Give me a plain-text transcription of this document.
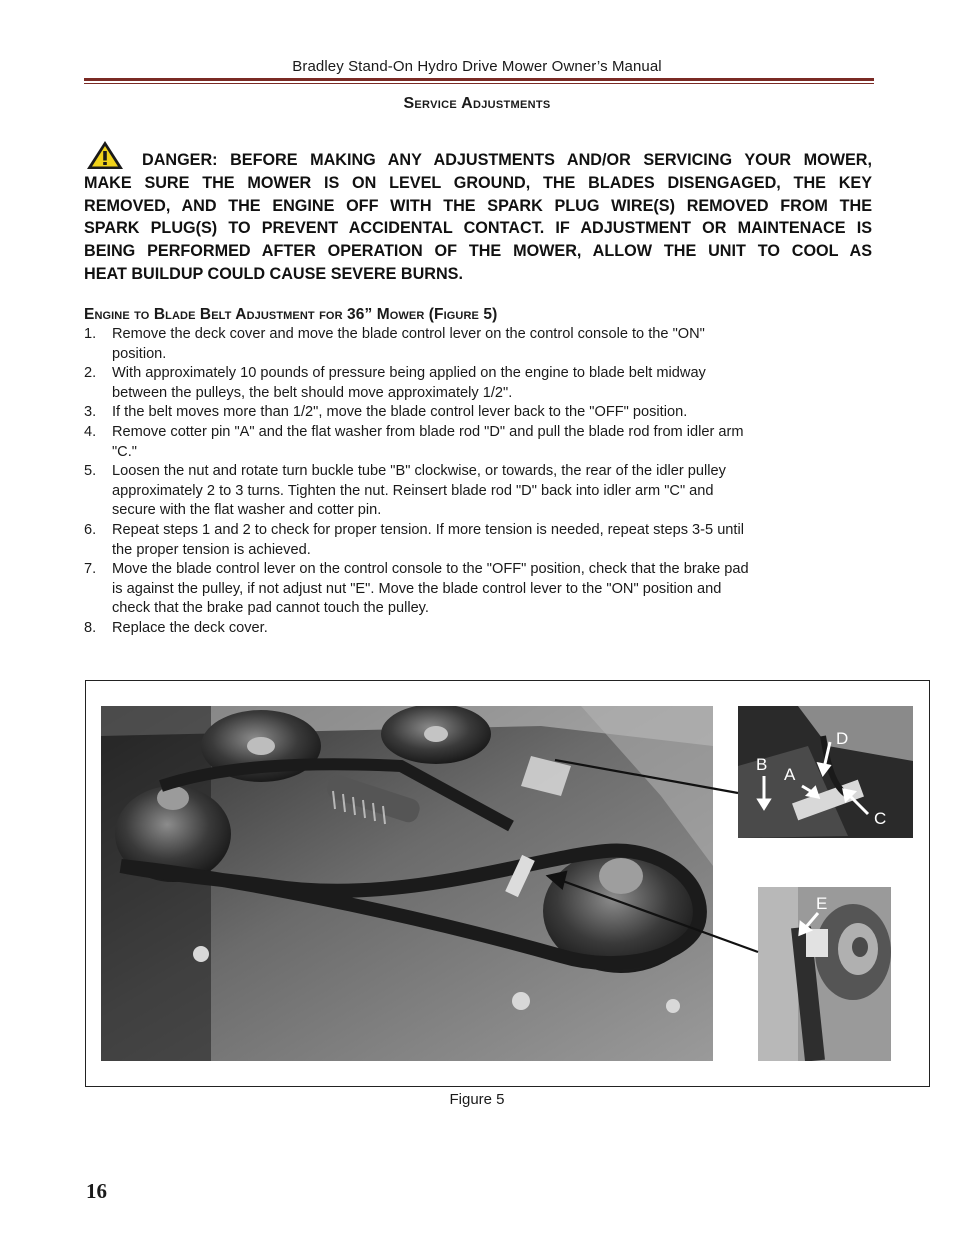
Bradley Stand-On Hydro Drive Mower Owner’s Manual
Service Adjustments
DANGER: BEFORE MAKING ANY ADJUSTMENTS AND/OR SERVICING YOUR MOWER,
MAKE SURE THE MOWER IS ON LEVEL GROUND, THE BLADES DISENGAGED, THE KEY
REMOVED, AND THE ENGINE OFF WITH THE SPARK PLUG WIRE(S) REMOVED FROM THE
SPARK PLUG(S) TO PREVENT ACCIDENTAL CONTACT. IF ADJUSTMENT OR MAINTENACE IS
BEING PERFORMED AFTER OPERATION OF THE MOWER, ALLOW THE UNIT TO COOL AS
HEAT BUILDUP COULD CAUSE SEVERE BURNS.
Engine to Blade Belt Adjustment for 36” Mower (Figure 5)
1. Remove the deck cover and move the blade control lever on the control console to the "ON"
position.
2. With approximately 10 pounds of pressure being applied on the engine to blade belt midway
between the pulleys, the belt should move approximately 1/2".
3. If the belt moves more than 1/2", move the blade control lever back to the "OFF" position.
4. Remove cotter pin "A" and the flat washer from blade rod "D" and pull the blade rod from idler arm
"C."
5. Loosen the nut and rotate turn buckle tube "B" clockwise, or towards, the rear of the idler pulley
approximately 2 to 3 turns. Tighten the nut. Reinsert blade rod "D" back into idler arm "C" and
secure with the flat washer and cotter pin.
6. Repeat steps 1 and 2 to check for proper tension. If more tension is needed, repeat steps 3-5 until
the proper tension is achieved.
7. Move the blade control lever on the control console to the "OFF" position, check that the brake pad
is against the pulley, if not adjust nut "E". Move the blade control lever to the "ON" position and
check that the brake pad cannot touch the pulley.
8. Replace the deck cover.
B
A
D
C
E
Figure 5
16
